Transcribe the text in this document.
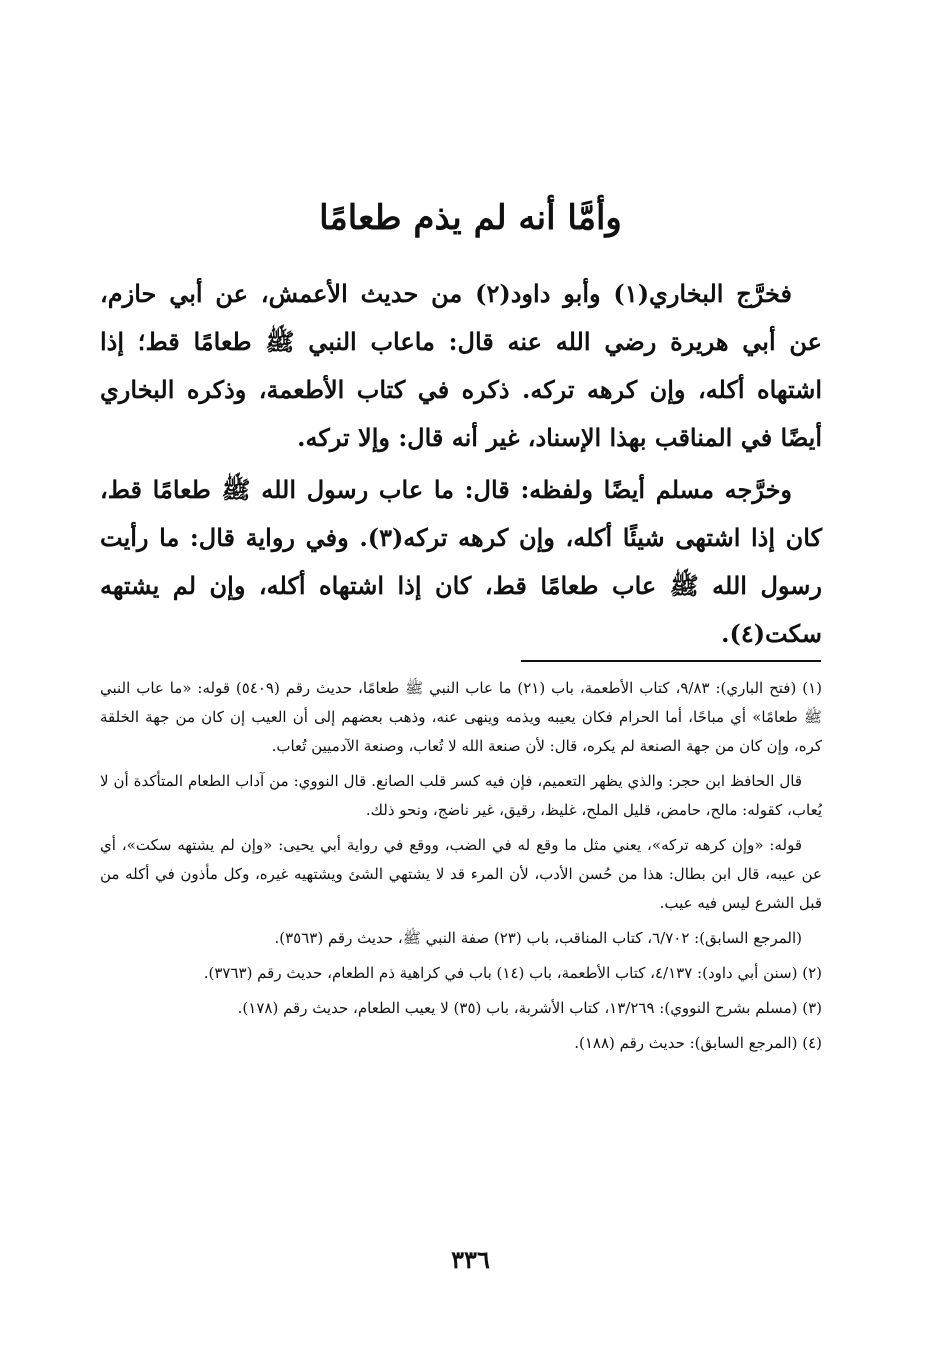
وأمَّا أنه لم يذم طعامًا

فخرَّج البخاري(١) وأبو داود(٢) من حديث الأعمش، عن أبي حازم، عن أبي هريرة رضي الله عنه قال: ماعاب النبي ﷺ طعامًا قط؛ إذا اشتهاه أكله، وإن كرهه تركه. ذكره في كتاب الأطعمة، وذكره البخاري أيضًا في المناقب بهذا الإسناد، غير أنه قال: وإلا تركه.

وخرَّجه مسلم أيضًا ولفظه: قال: ما عاب رسول الله ﷺ طعامًا قط، كان إذا اشتهى شيئًا أكله، وإن كرهه تركه(٣). وفي رواية قال: ما رأيت رسول الله ﷺ عاب طعامًا قط، كان إذا اشتهاه أكله، وإن لم يشتهه سكت(٤).

(١) (فتح الباري): ٩/٨٣، كتاب الأطعمة، باب (٢١) ما عاب النبي ﷺ طعامًا، حديث رقم (٥٤٠٩) قوله: «ما عاب النبي ﷺ طعامًا» أي مباحًا، أما الحرام فكان يعيبه ويذمه وينهى عنه، وذهب بعضهم إلى أن العيب إن كان من جهة الخلقة كره، وإن كان من جهة الصنعة لم يكره، قال: لأن صنعة الله لا تُعاب، وصنعة الآدميين تُعاب.
قال الحافظ ابن حجر: والذي يظهر التعميم، فإن فيه كسر قلب الصانع. قال النووي: من آداب الطعام المتأكدة أن لا يُعاب، كقوله: مالح، حامض، قليل الملح، غليظ، رقيق، غير ناضج، ونحو ذلك.
قوله: «وإن كرهه تركه»، يعني مثل ما وقع له في الضب، ووقع في رواية أبي يحيى: «وإن لم يشتهه سكت»، أي عن عيبه، قال ابن بطال: هذا من حُسن الأدب، لأن المرء قد لا يشتهي الشئ ويشتهيه غيره، وكل مأذون في أكله من قبل الشرع ليس فيه عيب.
(المرجع السابق): ٦/٧٠٢، كتاب المناقب، باب (٢٣) صفة النبي ﷺ، حديث رقم (٣٥٦٣).
(٢) (سنن أبي داود): ٤/١٣٧، كتاب الأطعمة، باب (١٤) باب في كراهية ذم الطعام، حديث رقم (٣٧٦٣).
(٣) (مسلم بشرح النووي): ١٣/٢٦٩، كتاب الأشربة، باب (٣٥) لا يعيب الطعام، حديث رقم (١٧٨).
(٤) (المرجع السابق): حديث رقم (١٨٨).
٣٣٦
